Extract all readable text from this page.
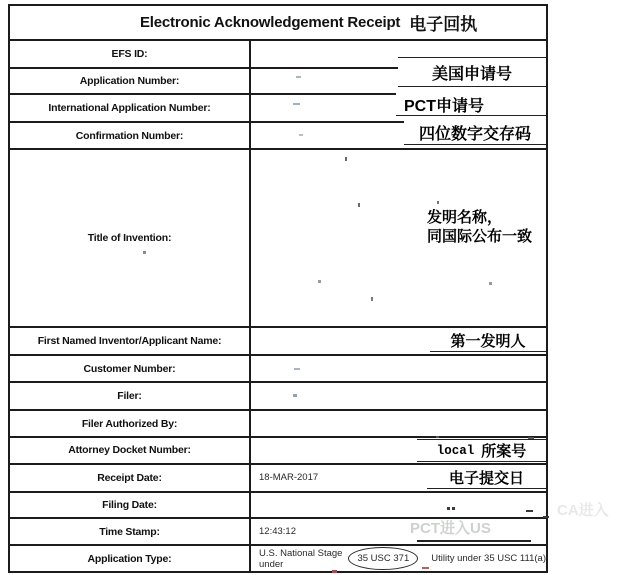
Electronic Acknowledgement Receipt 电子回执
EFS ID:
Application Number:
International Application Number:
Confirmation Number:
Title of Invention:
First Named Inventor/Applicant Name:
Customer Number:
Filer:
Filer Authorized By:
Attorney Docket Number:
Receipt Date:	18-MAR-2017
Filing Date:
Time Stamp:	12:43:12
Application Type:	U.S. National Stage under	35 USC 371	Utility under 35 USC 111(a)
美国申请号
PCT申请号
四位数字交存码
发明名称，
同国际公布一致
第一发明人
local 所案号
电子提交日
PCT进入US
CA进入
